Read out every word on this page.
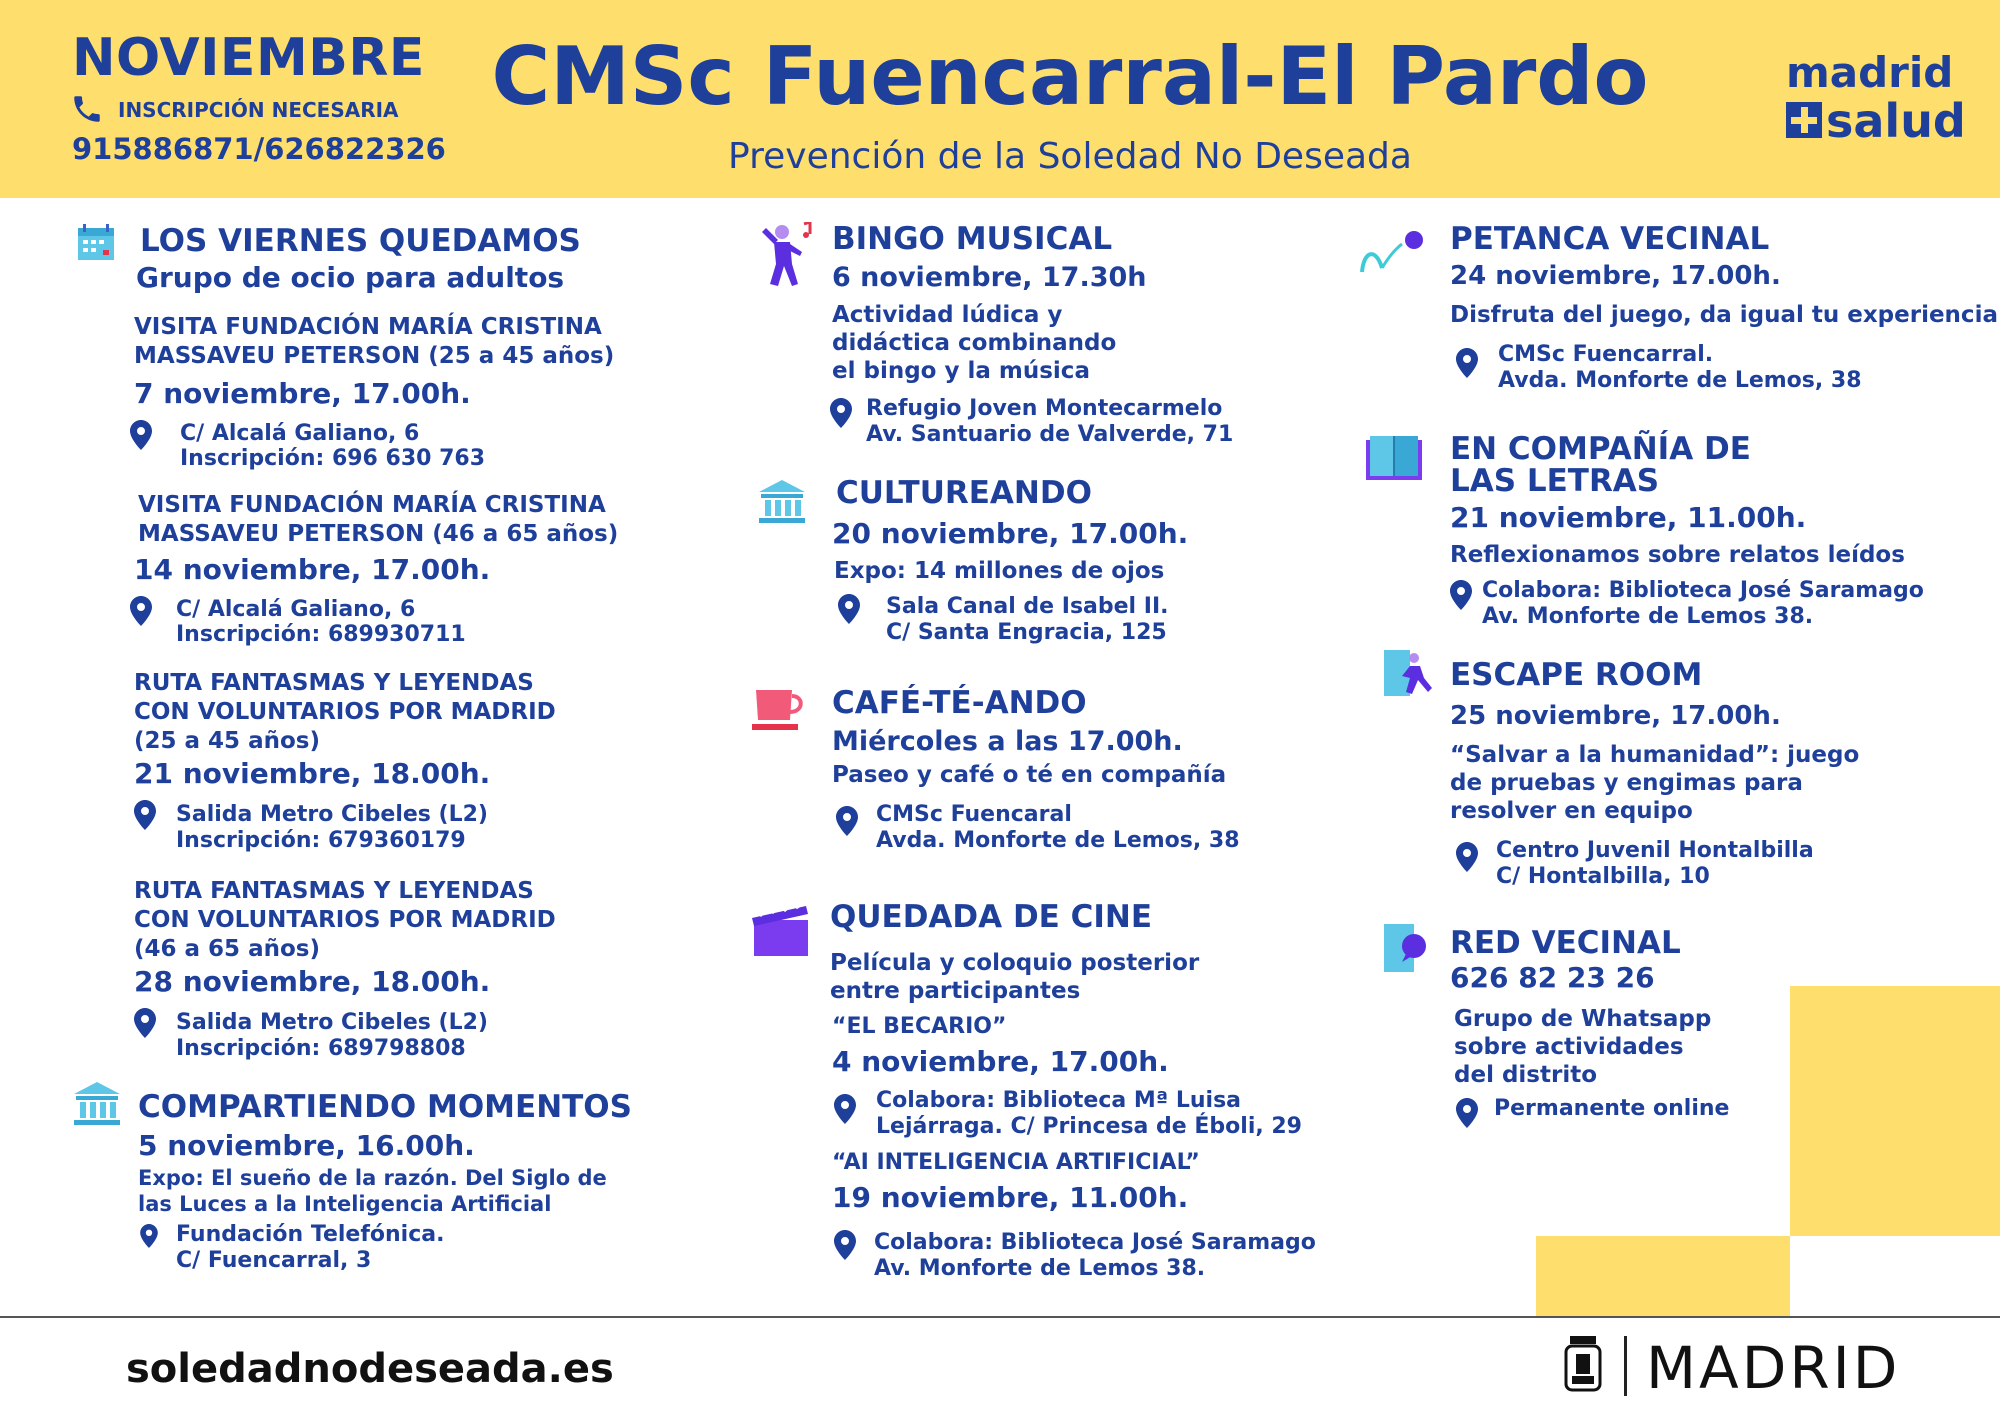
NOVIEMBRE
INSCRIPCIÓN NECESARIA
915886871/626822326
CMSc Fuencarral-El Pardo
Prevención de la Soledad No Deseada
madrid
salud
LOS VIERNES QUEDAMOS
Grupo de ocio para adultos
VISITA FUNDACIÓN MARÍA CRISTINA
MASSAVEU PETERSON (25 a 45 años)
7 noviembre, 17.00h.
C/ Alcalá Galiano, 6
Inscripción: 696 630 763
VISITA FUNDACIÓN MARÍA CRISTINA
MASSAVEU PETERSON (46 a 65 años)
14 noviembre, 17.00h.
C/ Alcalá Galiano, 6
Inscripción: 689930711
RUTA FANTASMAS Y LEYENDAS
CON VOLUNTARIOS POR MADRID
(25 a 45 años)
21 noviembre, 18.00h.
Salida Metro Cibeles (L2)
Inscripción: 679360179
RUTA FANTASMAS Y LEYENDAS
CON VOLUNTARIOS POR MADRID
(46 a 65 años)
28 noviembre, 18.00h.
Salida Metro Cibeles (L2)
Inscripción: 689798808
COMPARTIENDO MOMENTOS
5 noviembre, 16.00h.
Expo: El sueño de la razón. Del Siglo de
las Luces a la Inteligencia Artificial
Fundación Telefónica.
C/ Fuencarral, 3
BINGO MUSICAL
6 noviembre, 17.30h
Actividad lúdica y
didáctica combinando
el bingo y la música
Refugio Joven Montecarmelo
Av. Santuario de Valverde, 71
CULTUREANDO
20 noviembre, 17.00h.
Expo: 14 millones de ojos
Sala Canal de Isabel II.
C/ Santa Engracia, 125
CAFÉ-TÉ-ANDO
Miércoles a las 17.00h.
Paseo y café o té en compañía
CMSc Fuencaral
Avda. Monforte de Lemos, 38
QUEDADA DE CINE
Película y coloquio posterior
entre participantes
“EL BECARIO”
4 noviembre, 17.00h.
Colabora: Biblioteca Mª Luisa
Lejárraga. C/ Princesa de Éboli, 29
“AI INTELIGENCIA ARTIFICIAL”
19 noviembre, 11.00h.
Colabora: Biblioteca José Saramago
Av. Monforte de Lemos 38.
PETANCA VECINAL
24 noviembre, 17.00h.
Disfruta del juego, da igual tu experiencia
CMSc Fuencarral.
Avda. Monforte de Lemos, 38
EN COMPAÑÍA DE
LAS LETRAS
21 noviembre, 11.00h.
Reflexionamos sobre relatos leídos
Colabora: Biblioteca José Saramago
Av. Monforte de Lemos 38.
ESCAPE ROOM
25 noviembre, 17.00h.
“Salvar a la humanidad”: juego
de pruebas y engimas para
resolver en equipo
Centro Juvenil Hontalbilla
C/ Hontalbilla, 10
RED VECINAL
626 82 23 26
Grupo de Whatsapp
sobre actividades
del distrito
Permanente online
soledadnodeseada.es	MADRID
